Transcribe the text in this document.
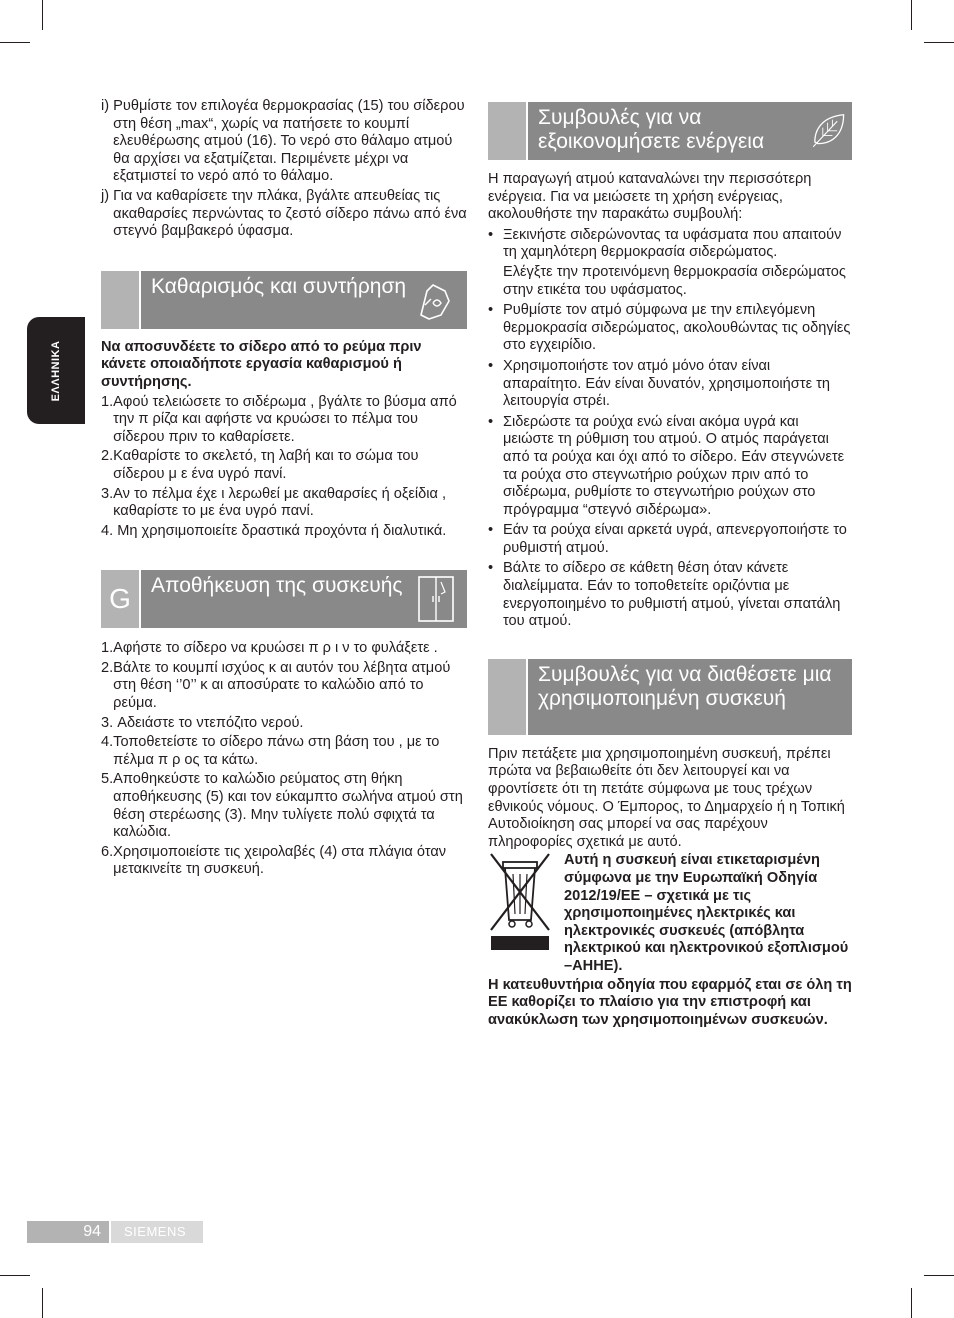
ΕΛΛΗΝΙΚΑ
i) Ρυθμίστε τον επιλογέα θερμοκρασίας (15) του σίδερου στη θέση „max“, χωρίς να πατήσετε το κουμπί ελευθέρωσης ατμού (16). Το νερό στο θάλαμο ατμού θα αρχίσει να εξατμίζεται. Περιμένετε μέχρι να εξατμιστεί το νερό από το θάλαμο.
j) Για να καθαρίσετε την πλάκα, βγάλτε απευθείας τις ακαθαρσίες περνώντας το ζεστό σίδερο πάνω από ένα στεγνό βαμβακερό ύφασμα.
Καθαρισμός και συντήρηση
Να αποσυνδέετε το σίδερο από το ρεύμα πριν κάνετε οποιαδήποτε εργασία καθαρισμού ή συντήρησης.
1. Αφού τελειώσετε το σιδέρωμα , βγάλτε το βύσμα από την π ρίζα και αφήστε να κρυώσει το πέλμα του σίδερου πριν το καθαρίσετε.
2. Καθαρίστε το σκελετό, τη λαβή και το σώμα του σίδερου μ ε ένα υγρό πανί.
3. Αν το πέλμα έχε ι λερωθεί με ακαθαρσίες ή οξείδια , καθαρίστε το με ένα υγρό πανί.
4. Μη χρησιμοποιείτε δραστικά προχόντα ή διαλυτικά.
G Αποθήκευση της συσκευής
1. Αφήστε το σίδερο να κρυώσει π ρ ι ν το φυλάξετε .
2. Βάλτε το κουμπί ισχύος κ αι αυτόν του λέβητα ατμού στη θέση ‘’0’’ κ αι αποσύρατε το καλώδιο από το ρεύμα.
3. Αδειάστε το ντεπόζιτο νερού.
4. Τοποθετείστε το σίδερο πάνω στη βάση του , με το πέλμα π ρ ος τα κάτω.
5. Αποθηκεύστε το καλώδιο ρεύματος στη θήκη αποθήκευσης (5) και τον εύκαμπτο σωλήνα ατμού στη θέση στερέωσης (3). Μην τυλίγετε πολύ σφιχτά τα καλώδια.
6. Χρησιμοποιείστε τις χειρολαβές (4) στα πλάγια όταν μετακινείτε τη συσκευή.
Συμβουλές για να εξοικονομήσετε ενέργεια
Η παραγωγή ατμού καταναλώνει την περισσότερη ενέργεια. Για να μειώσετε τη χρήση ενέργειας, ακολουθήστε την παρακάτω συμβουλή:
• Ξεκινήστε σιδερώνοντας τα υφάσματα που απαιτούν τη χαμηλότερη θερμοκρασία σιδερώματος.
Ελέγξτε την προτεινόμενη θερμοκρασία σιδερώματος στην ετικέτα του υφάσματος.
• Ρυθμίστε τον ατμό σύμφωνα με την επιλεγόμενη θερμοκρασία σιδερώματος, ακολουθώντας τις οδηγίες στο εγχειρίδιο.
• Χρησιμοποιήστε τον ατμό μόνο όταν είναι απαραίτητο. Εάν είναι δυνατόν, χρησιμοποιήστε τη λειτουργία στρέι.
• Σιδερώστε τα ρούχα ενώ είναι ακόμα υγρά και μειώστε τη ρύθμιση του ατμού. Ο ατμός παράγεται από τα ρούχα και όχι από το σίδερο. Εάν στεγνώνετε τα ρούχα στο στεγνωτήριο ρούχων πριν από το σιδέρωμα, ρυθμίστε το στεγνωτήριο ρούχων στο πρόγραμμα “στεγνό σιδέρωμα».
• Εάν τα ρούχα είναι αρκετά υγρά, απενεργοποιήστε το ρυθμιστή ατμού.
• Βάλτε το σίδερο σε κάθετη θέση όταν κάνετε διαλείμματα. Εάν το τοποθετείτε οριζόντια με ενεργοποιημένο το ρυθμιστή ατμού, γίνεται σπατάλη του ατμού.
Συμβουλές για να διαθέσετε μια χρησιμοποιημένη συσκευή
Πριν πετάξετε μια χρησιμοποιημένη συσκευή, πρέπει πρώτα να βεβαιωθείτε ότι δεν λειτουργεί και να φροντίσετε ότι τη πετάτε σύμφωνα με τους τρέχων εθνικούς νόμους. Ο Έμπορος, το Δημαρχείο ή η Τοπική Αυτοδιοίκηση σας μπορεί να σας παρέχουν πληροφορίες σχετικά με αυτό.
Αυτή η συσκευή είναι ετικεταρισμένη σύμφωνα με την Ευρωπαϊκή Οδηγία 2012/19/EE – σχετικά με τις χρησιμοποιημένες ηλεκτρικές και ηλεκτρονικές συσκευές (απόβλητα ηλεκτρικού και ηλεκτρονικού εξοπλισμού –AHHE).
Η κατευθυντήρια οδηγία που εφαρμόζ εται σε όλη τη ΕΕ καθορίζει το πλαίσιο για την επιστροφή και ανακύκλωση των χρησιμοποιημένων συσκευών.
94	SIEMENS
